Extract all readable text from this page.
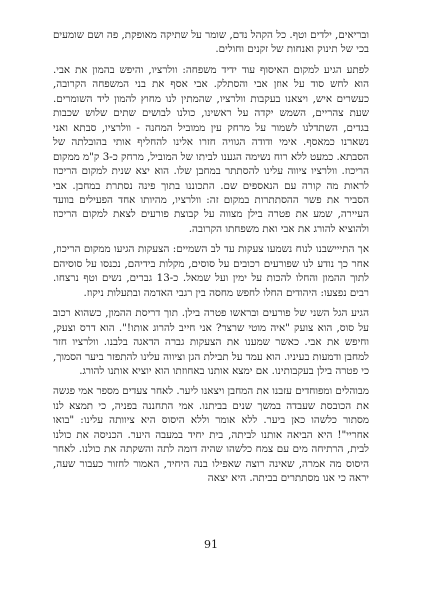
ובריאים, ילדים וטף. כל הקהל נדם, שומר על שתיקה מאופקת, פה ושם שומעים בכי של תינוק ואנחות של זקנים וחולים.

לפתע הגיע למקום האיסוף עוד ידיד משפחה: וולרציו, והיפש בהמון את אבי. הוא לחש סוד על אוזן אבי והסתלק. אבי אסף את בני המשפחה הקרובה, כעשרים איש, ויצאנו בעקבות וולרציו, שהמתין לנו מחוץ להמון ליד השומרים. שעת צהריים, השמש יקדה על ראשינו, כולנו לבושים שתים שלוש שכבות בגדים, השתדלנו לשמור על מרחק עין ממוביל המחנה - וולרציו, סבתא ואני נשארנו כמאסף. אימי ודודה הגוויה חזרו אלינו להחליף אותי בהובלתה של הסבתא. כמעט ללא רוח נשימה הגענו לביתו של המוביל, מרחק כ-3 ק"מ ממקום הריכוז. וולרציו ציווה עלינו להסתתר במחבן שלו. הוא יצא שנית למקום הריכוז לראות מה קורה עם הנאספים שם. התכוננו בתוך פינה נסתרת במחבן. אבי הסביר את פשר ההסתתרות במקום זה: וולרציו, מהיותו אחד הפעילים בוועד העיירה, שמע את פטרה בילן מצווה על קבוצת פורעים לצאת למקום הריכוז ולהוציא להורג את אבי ואת משפחתו הקרובה.

אך התייישבנו לנוח נשמעו צעקות עד לב השמיים: הצעקות הגיעו ממקום הריכוז, אחר כך נודע לנו שפורעים רכובים על סוסים, מקלות בידיהם, נכנסו על סוסיהם לתוך ההמון והחלו להכות על ימין ועל שמאל. כ-13 גברים, נשים וטף נרצחו. רבים נפצעו: היהודים החלו לחפש מחסה בין רגבי האדמה ובתעלות ניקוז.

הגיע הגל השני של פורעים ובראשו פטרה בילן. תוך דריסת ההמון, כשהוא רכוב על סוס, הוא צועק "איה מוטי שרצר? אני חייב להרוג אותו!". הוא דרס וצעק, וחיפש את אבי. כאשר שמענו את הצעקות גברה הדאגה בלבנו. וולרציו חזר למחבן ודמעות בעיניו. הוא עמד על תבילת הגן וציווה עלינו להתפזר ביער הסמוך, כי פטרה בילן בעקבותינו. אם ימצא אותנו באחוזתו הוא יוציא אותנו להורג.

מבוהלים ומפוחדים עזבנו את המחבן ויצאנו ליער. לאחר צעדים מספר אמי פגשה את הכובסת שעבדה במשך שנים בביתנו. אמי התחננה בפניה, כי תמצא לנו מסתור כלשהו כאן ביער. ללא אומר וללא היסוס היא ציוותה עלינו: "בואו אחריי"! היא הביאה אותנו לביתה, בית יחיד במעבה היער. הכניסה את כולנו לבית, הרתיחה מים עם צמח כלשהו שהיה דומה לתה והשקתה את כולנו. לאחר היסוס מה אמרה, שאינה רוצה שאפילו בנה היחיד, האמור לחזור כעבור שעה, יראה כי אנו מסתתרים בביתה. היא יצאה

91
